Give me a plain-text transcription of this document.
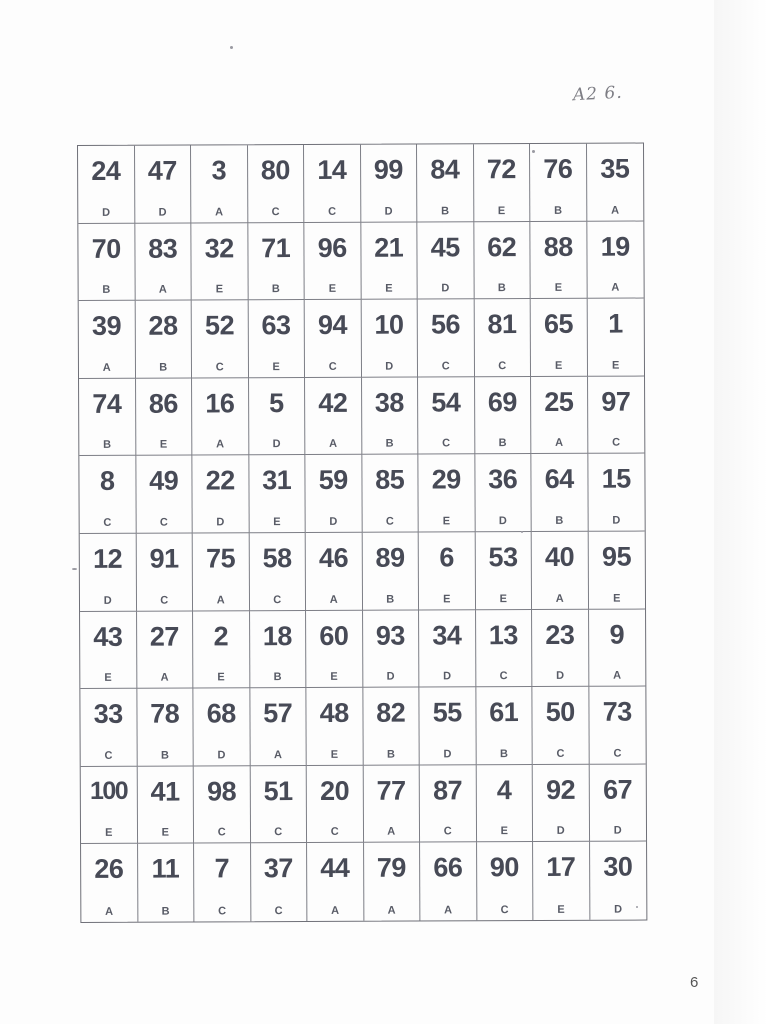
A2 6.
24
D
47
D
3
A
80
C
14
C
99
D
84
B
72
E
76
B
35
A
70
B
83
A
32
E
71
B
96
E
21
E
45
D
62
B
88
E
19
A
39
A
28
B
52
C
63
E
94
C
10
D
56
C
81
C
65
E
1
E
74
B
86
E
16
A
5
D
42
A
38
B
54
C
69
B
25
A
97
C
8
C
49
C
22
D
31
E
59
D
85
C
29
E
36
D
64
B
15
D
12
D
91
C
75
A
58
C
46
A
89
B
6
E
53
E
40
A
95
E
43
E
27
A
2
E
18
B
60
E
93
D
34
D
13
C
23
D
9
A
33
C
78
B
68
D
57
A
48
E
82
B
55
D
61
B
50
C
73
C
100
E
41
E
98
C
51
C
20
C
77
A
87
C
4
E
92
D
67
D
26
A
11
B
7
C
37
C
44
A
79
A
66
A
90
C
17
E
30
D
6
